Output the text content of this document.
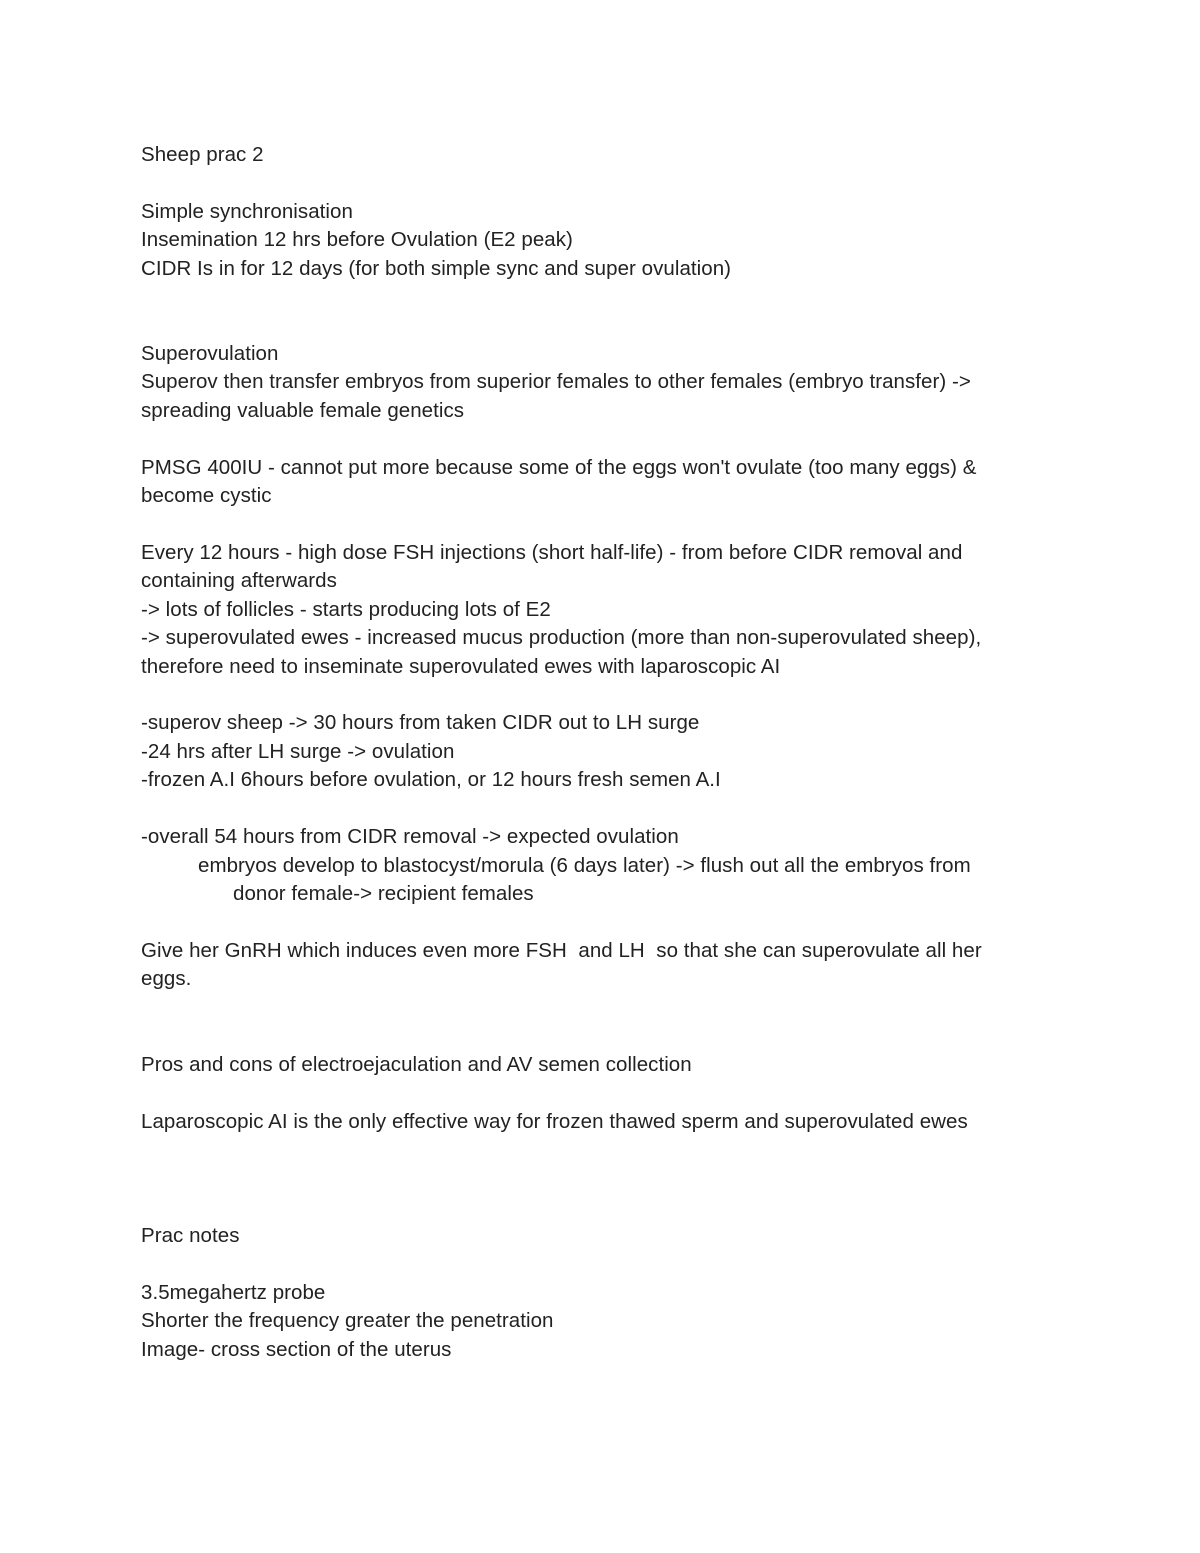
Sheep prac 2
Simple synchronisation
Insemination 12 hrs before Ovulation (E2 peak)
CIDR Is in for 12 days (for both simple sync and super ovulation)
Superovulation
Superov then transfer embryos from superior females to other females (embryo transfer) ->
spreading valuable female genetics
PMSG 400IU - cannot put more because some of the eggs won't ovulate (too many eggs) &
become cystic
Every 12 hours - high dose FSH injections (short half-life) - from before CIDR removal and
containing afterwards
-> lots of follicles - starts producing lots of E2
-> superovulated ewes - increased mucus production (more than non-superovulated sheep),
therefore need to inseminate superovulated ewes with laparoscopic AI
-superov sheep -> 30 hours from taken CIDR out to LH surge
-24 hrs after LH surge -> ovulation
-frozen A.I 6hours before ovulation, or 12 hours fresh semen A.I
-overall 54 hours from CIDR removal -> expected ovulation
embryos develop to blastocyst/morula (6 days later) -> flush out all the embryos from
donor female-> recipient females
Give her GnRH which induces even more FSH  and LH  so that she can superovulate all her
eggs.
Pros and cons of electroejaculation and AV semen collection
Laparoscopic AI is the only effective way for frozen thawed sperm and superovulated ewes
Prac notes
3.5megahertz probe
Shorter the frequency greater the penetration
Image- cross section of the uterus
